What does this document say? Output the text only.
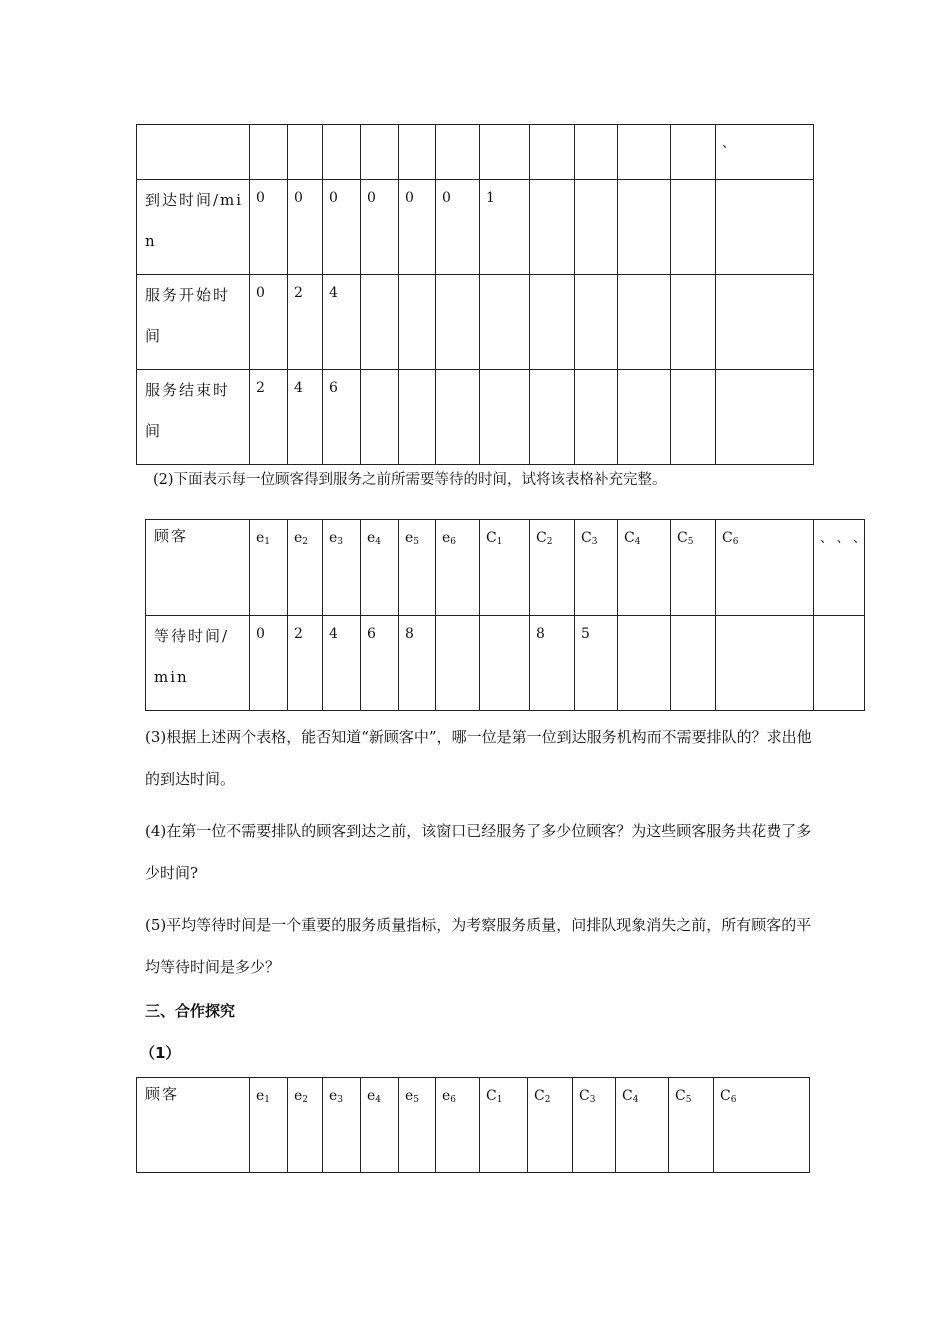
												、	
到达时间/min	0	0	0	0	0	0	1						
服务开始时间	0	2	4										
服务结束时间	2	4	6										
(2)下面表示每一位顾客得到服务之前所需要等待的时间，试将该表格补充完整。
顾客	$e_1$	$e_2$	$e_3$	$e_4$	$e_5$	$e_6$	$C_1$	$C_2$	$C_3$	$C_4$	$C_5$	$C_6$	、、、
等待时间/min	0	2	4	6	8			8	5				
(3)根据上述两个表格，能否知道“新顾客中”，哪一位是第一位到达服务机构而不需要排队的？求出他的到达时间。
(4)在第一位不需要排队的顾客到达之前，该窗口已经服务了多少位顾客？为这些顾客服务共花费了多少时间?
(5)平均等待时间是一个重要的服务质量指标，为考察服务质量，问排队现象消失之前，所有顾客的平均等待时间是多少？
三、合作探究
（1）
顾客	$e_1$	$e_2$	$e_3$	$e_4$	$e_5$	$e_6$	$C_1$	$C_2$	$C_3$	$C_4$	$C_5$	$C_6$	
